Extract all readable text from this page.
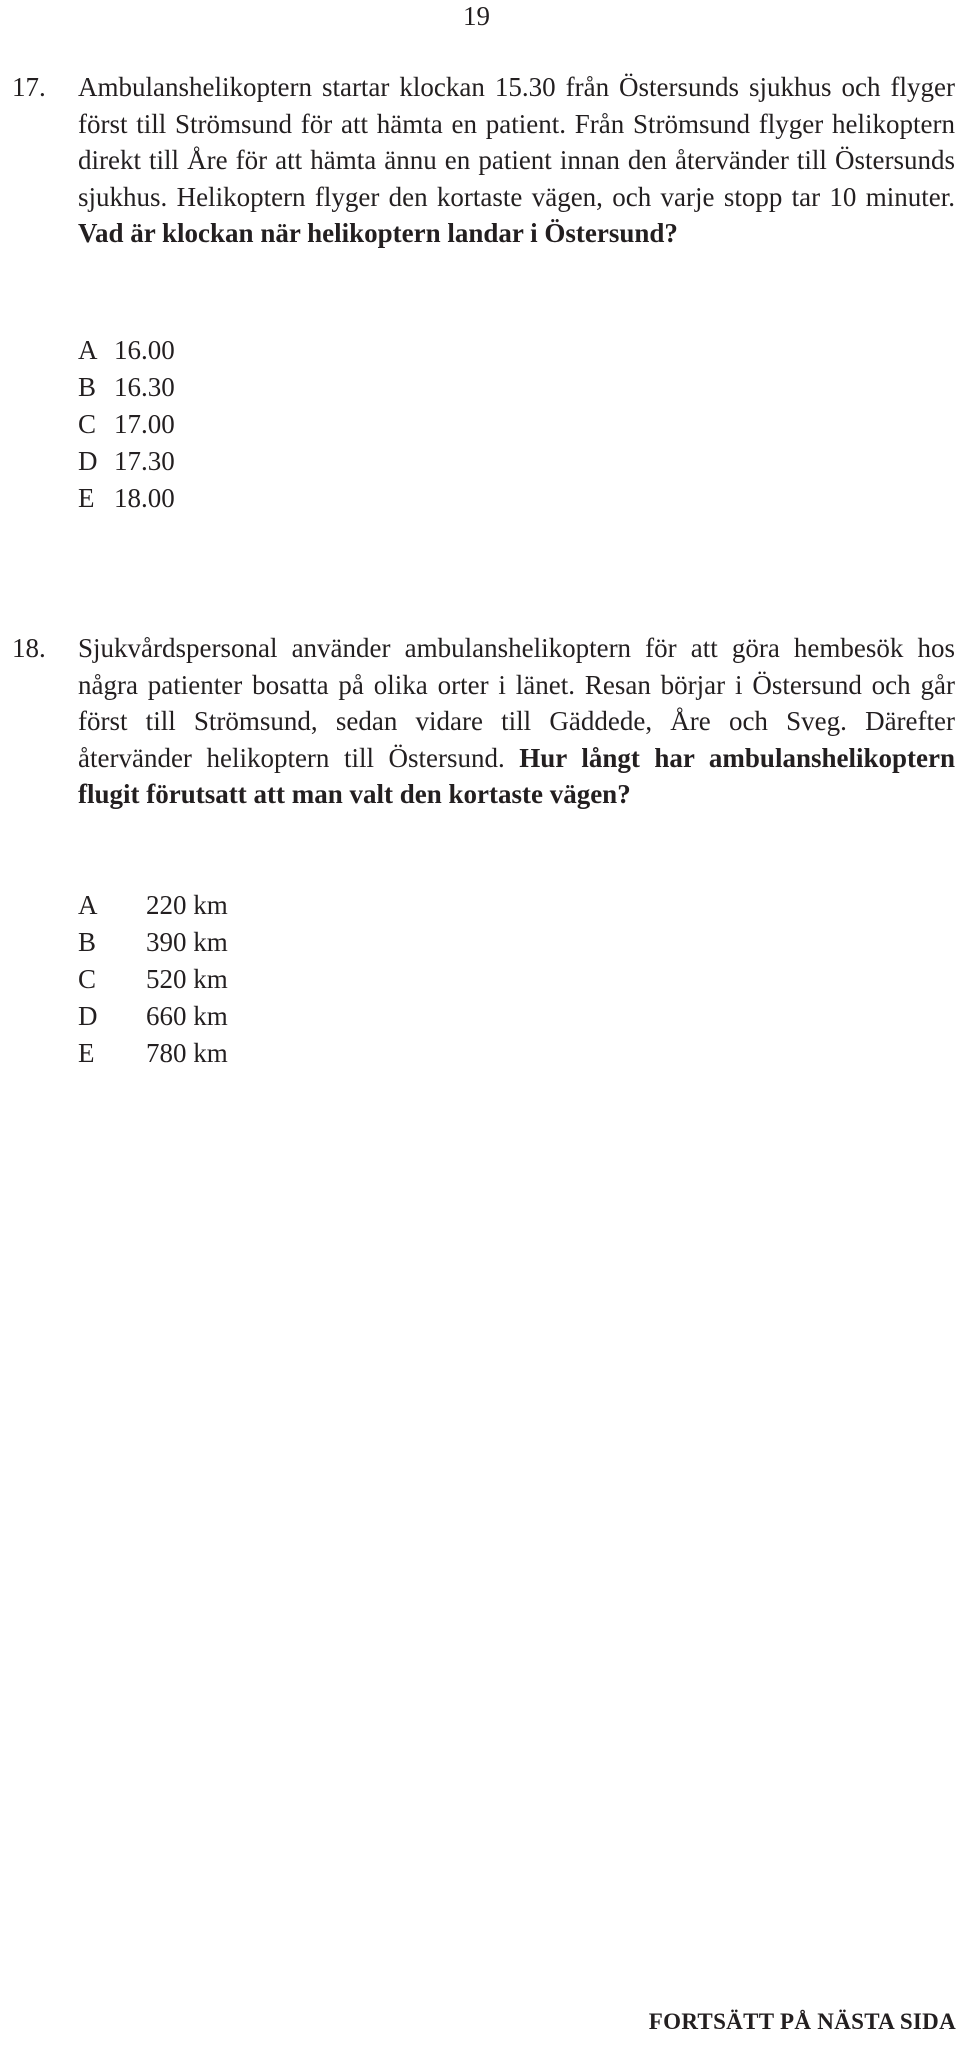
19
17. Ambulanshelikoptern startar klockan 15.30 från Östersunds sjukhus och flyger först till Strömsund för att hämta en patient. Från Strömsund flyger helikoptern direkt till Åre för att hämta ännu en patient innan den återvänder till Östersunds sjukhus. Helikoptern flyger den kortaste vägen, och varje stopp tar 10 minuter. Vad är klockan när helikoptern landar i Östersund?

A 16.00
B 16.30
C 17.00
D 17.30
E 18.00
18. Sjukvårdspersonal använder ambulanshelikoptern för att göra hembesök hos några patienter bosatta på olika orter i länet. Resan börjar i Östersund och går först till Strömsund, sedan vidare till Gäddede, Åre och Sveg. Därefter återvänder helikoptern till Östersund. Hur långt har ambulanshelikoptern flugit förutsatt att man valt den kortaste vägen?

A	220 km
B	390 km
C	520 km
D	660 km
E	780 km
FORTSÄTT PÅ NÄSTA SIDA
